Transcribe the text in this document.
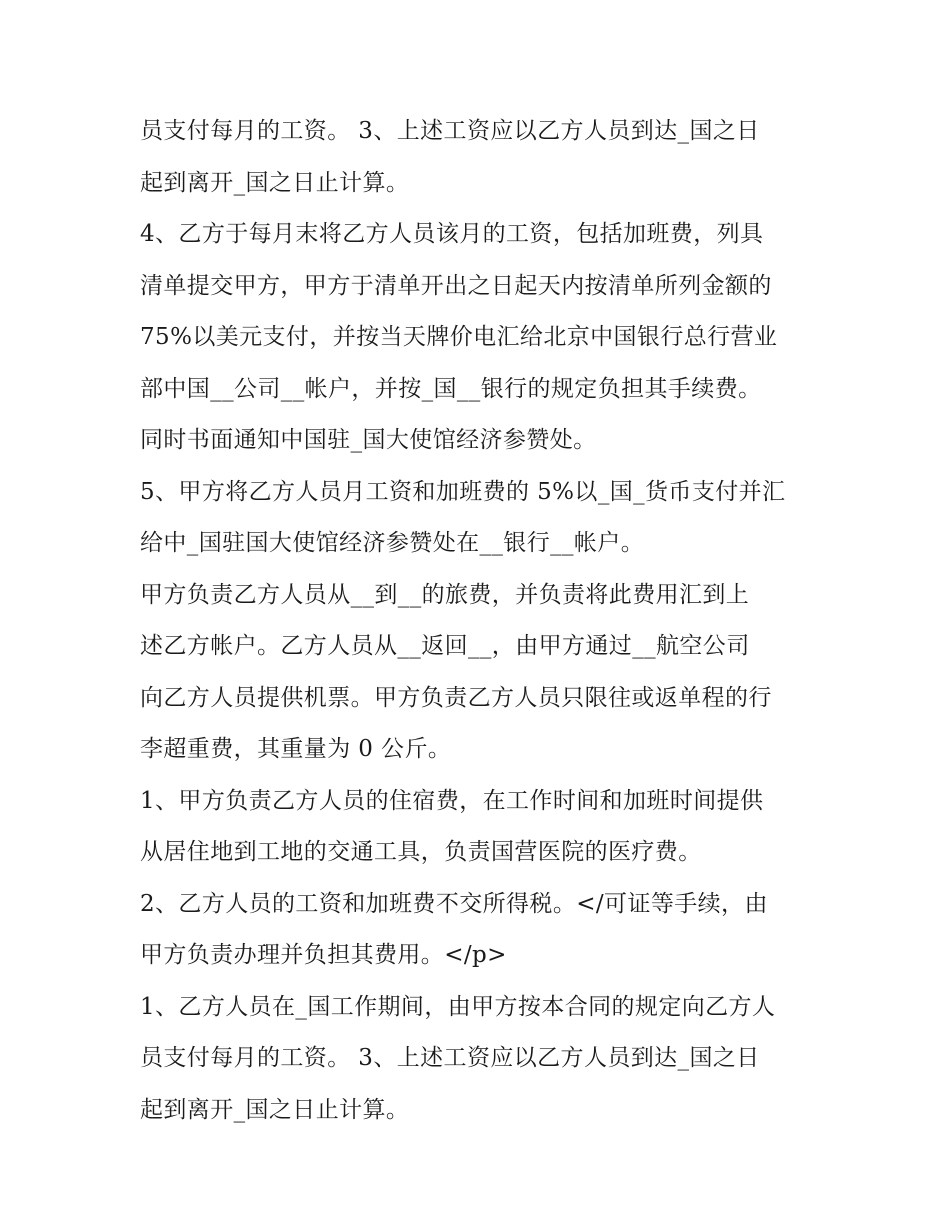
员支付每月的工资。 3、上述工资应以乙方人员到达_国之日
起到离开_国之日止计算。
4、乙方于每月末将乙方人员该月的工资，包括加班费，列具
清单提交甲方，甲方于清单开出之日起天内按清单所列金额的
75%以美元支付，并按当天牌价电汇给北京中国银行总行营业
部中国__公司__帐户，并按_国__银行的规定负担其手续费。
同时书面通知中国驻_国大使馆经济参赞处。
5、甲方将乙方人员月工资和加班费的 5%以_国_货币支付并汇
给中_国驻国大使馆经济参赞处在__银行__帐户。
甲方负责乙方人员从__到__的旅费，并负责将此费用汇到上
述乙方帐户。乙方人员从__返回__，由甲方通过__航空公司
向乙方人员提供机票。甲方负责乙方人员只限往或返单程的行
李超重费，其重量为 0 公斤。
1、甲方负责乙方人员的住宿费，在工作时间和加班时间提供
从居住地到工地的交通工具，负责国营医院的医疗费。
2、乙方人员的工资和加班费不交所得税。</可证等手续，由
甲方负责办理并负担其费用。</p>
1、乙方人员在_国工作期间，由甲方按本合同的规定向乙方人
员支付每月的工资。 3、上述工资应以乙方人员到达_国之日
起到离开_国之日止计算。
